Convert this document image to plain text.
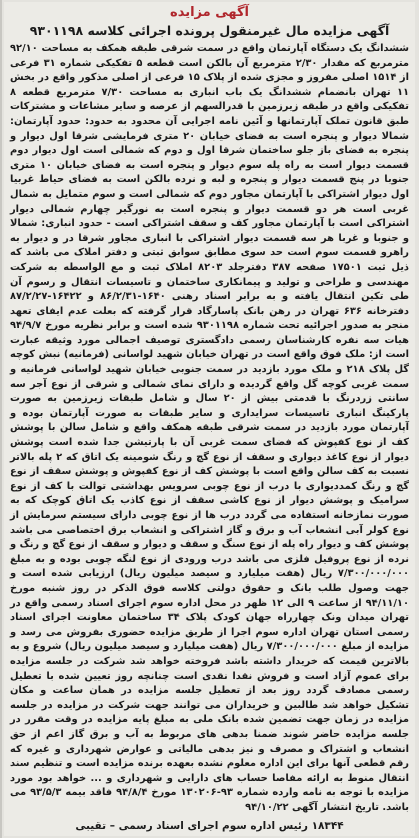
آگهی مزایده

آگهی مزایده مال غیرمنقول پرونده اجرائی کلاسه ۹۳۰۱۱۹۸

ششدانگ یک دستگاه آپارتمان واقع در سمت شرقی طبقه همکف به مساحت ۹۲/۱۰ مترمربع که مقدار ۲/۳۰ مترمربع آن بالکن است قطعه ۵ تفکیکی شماره ۳۱ فرعی از ۱۵۱۴ اصلی مفروز و مجزی شده از پلاک ۱۵ فرعی از اصلی مذکور واقع در بخش ۱۱ تهران بانضمام ششدانگ یک باب انباری به مساحت ۷/۳۰ مترمربع قطعه ۸ تفکیکی واقع در طبقه زیرزمین با قدرالسهم از عرصه و سایر مشاعات و مشترکات طبق قانون تملک آپارتمانها و آئین نامه اجرایی آن محدود به حدود: حدود آپارتمان: شمالا دیوار و پنجره است به فضای خیابان ۲۰ متری فرمایشی شرقا اول دیوار و پنجره به فضای باز جلو ساختمان شرقا اول و دوم که شمالی است اول دیوار دوم قسمت دیوار است به راه پله سوم دیوار و پنجره است به فضای خیابان ۱۰ متری جنوبا در پنج قسمت دیوار و پنجره و لبه و نرده بالکن است به فضای حیاط غربیا اول دیوار اشتراکی با آپارتمان مجاور دوم که شمالی است و سوم متمایل به شمال غربی است هر دو قسمت دیوار و پنجره است به نورگیر چهارم شمالی دیوار اشتراکی است با آپارتمان مجاور کف و سقف اشتراکی است - حدود انباری: شمالا و جنوبا و غربا هر سه قسمت دیوار اشتراکی با انباری مجاور شرقا در و دیوار به راهرو قسمت سوم است حد سوی مطابق سوابق ثبتی و دفتر املاک می باشد که ذیل ثبت ۱۷۵۰۱ صفحه ۳۸۷ دفترجلد ۸۲۰۳ املاک ثبت و مع الواسطه به شرکت مهندسی و طراحی و تولید و پیمانکاری ساختمان و تاسیسات انتقال و رسوم آن طی تکین انتقال یافته و به برابر اسناد رهنی ۱۶۴۰-۸۶/۲/۳۱ و ۱۶۴۲۲-۸۷/۲/۲۷ دفترخانه ۶۳۶ تهران در رهن بانک پاسارگاد قرار گرفته که بعلت عدم ایفای تعهد منجر به صدور اجرائیه تحت شماره ۹۳۰۱۱۹۸ شده است و برابر نظریه مورخ ۹۴/۹/۷ هیات سه نفره کارشناسان رسمی دادگستری توصیف اجمالی مورد وثیقه عبارت است از: ملک فوق واقع است در تهران خیابان شهید لواسانی (فرمانیه) نبش کوچه گل پلاک ۲۱۸ و ملک مورد بازدید در سمت جنوبی خیابان شهید لواسانی فرمانیه و سمت غربی کوچه گل واقع گردیده و دارای نمای شمالی و شرقی از نوع آجر سه سانتی زردرنگ با قدمتی بیش از ۲۰ سال و شامل طبقات زیرزمین به صورت پارکینگ انباری تاسیسات سرایداری و سایر طبقات به صورت آپارتمان بوده و آپارتمان مورد بازدید در سمت شرقی طبقه همکف واقع و شامل سالن با پوشش کف از نوع کفپوش که فضای سمت غربی آن با پارتیشن جدا شده است پوشش دیوار از نوع کاغذ دیواری و سقف از نوع گچ و رنگ شومینه یک اتاق که ۲ پله بالاتر نسبت به کف سالن واقع است با پوشش کف از نوع کفپوش و پوشش سقف از نوع گچ و رنگ کمددیواری با درب از نوع چوبی سرویس بهداشتی توالت با کف از نوع سرامیک و پوشش دیوار از نوع کاشی سقف از نوع کاذب یک اتاق کوچک که به صورت نمازخانه استفاده می گردد درب ها از نوع چوبی دارای سیستم سرمایش از نوع کولر آبی انشعاب آب و برق و گاز اشتراکی و انشعاب برق اختصاصی می باشد پوشش کف و دیوار راه پله از نوع سنگ و سقف و دیوار و سقف از نوع گچ و رنگ و نرده از نوع پروفیل فلزی می باشد درب ورودی از نوع لنگه چوبی بوده و به مبلغ ۷/۳۰۰/۰۰۰/۰۰۰ ریال (هفت میلیارد و سیصد میلیون ریال) ارزیابی شده است و جهت وصول طلب بانک و حقوق دولتی کلاسه فوق الذکر در روز شنبه مورخ ۹۴/۱۱/۱۰ از ساعت ۹ الی ۱۲ ظهر در محل اداره سوم اجرای اسناد رسمی واقع در تهران میدان ونک چهارراه جهان کودک پلاک ۳۴ ساختمان معاونت اجرای اسناد رسمی استان تهران اداره سوم اجرا از طریق مزایده حضوری بفروش می رسد و مزایده از مبلغ ۷/۳۰۰/۰۰۰/۰۰۰ ریال (هفت میلیارد و سیصد میلیون ریال) شروع و به بالاترین قیمت که خریدار داشته باشد فروخته خواهد شد شرکت در جلسه مزایده برای عموم آزاد است و فروش نقدا نقدی است چنانچه روز تعیین شده با تعطیل رسمی مصادف گردد روز بعد از تعطیل جلسه مزایده در همان ساعت و مکان تشکیل خواهد شد طالبین و خریداران می توانند جهت شرکت در مزایده در جلسه مزایده در زمان جهت تضمین شده بانک ملی به مبلغ پایه مزایده در وقت مقرر در جلسه مزایده حاضر شوند ضمنا بدهی های مربوط به آب و برق گاز اعم از حق انشعاب و اشتراک و مصرف و نیز بدهی مالیاتی و عوارض شهرداری و غیره که رقم قطعی آنها برای این اداره معلوم نشده بعهده برنده مزایده است و تنظیم سند انتقال منوط به ارائه مفاصا حساب های دارایی و شهرداری و ... خواهد بود مورد مزایده با توجه به نامه وارده شماره ۹۳-۱۳۰۲۰۶ مورخ ۹۴/۸/۴ فاقد بیمه ۹۳/۵/۳ می باشد. تاریخ انتشار آگهی ۹۴/۱۰/۲۲

۱۸۳۴۴ رئیس اداره سوم اجرای اسناد رسمی – تقیبی
